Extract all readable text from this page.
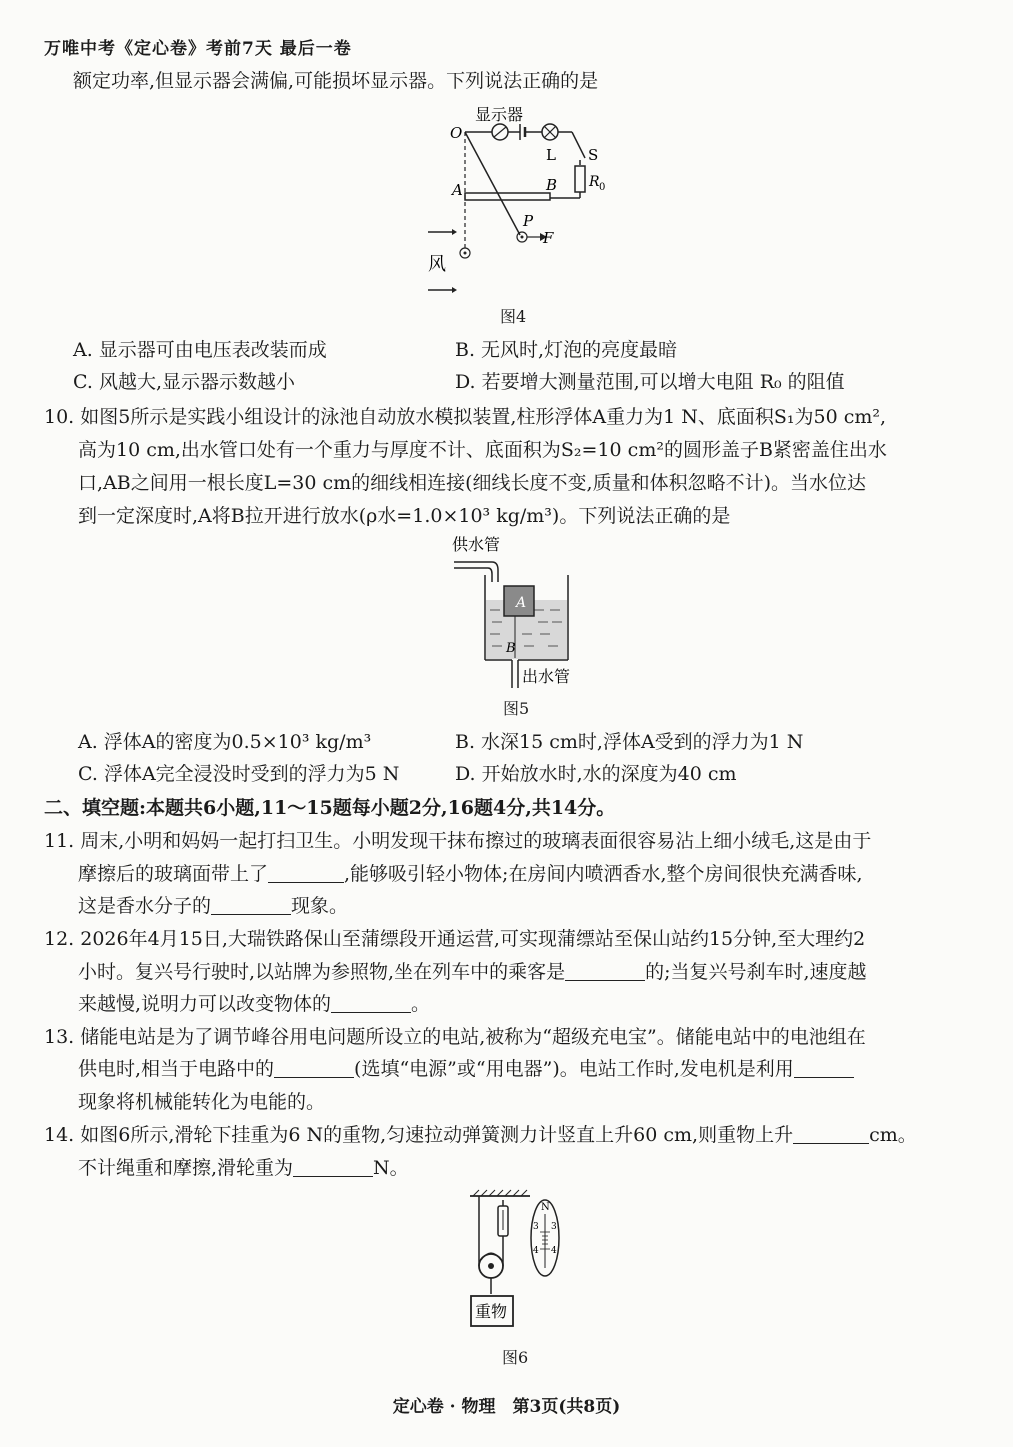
万唯中考《定心卷》考前7天 最后一卷
额定功率,但显示器会满偏,可能损坏显示器。下列说法正确的是
显示器
O
L S
R 0
A	B
P
F
风
图4
A. 显示器可由电压表改装而成	B. 无风时,灯泡的亮度最暗
C. 风越大,显示器示数越小	D. 若要增大测量范围,可以增大电阻 R₀ 的阻值
10. 如图5所示是实践小组设计的泳池自动放水模拟装置,柱形浮体A重力为1 N、底面积S₁为50 cm²,
高为10 cm,出水管口处有一个重力与厚度不计、底面积为S₂=10 cm²的圆形盖子B紧密盖住出水
口,AB之间用一根长度L=30 cm的细线相连接(细线长度不变,质量和体积忽略不计)。当水位达
到一定深度时,A将B拉开进行放水(ρ水=1.0×10³ kg/m³)。下列说法正确的是
供水管
A
B
出水管
图5
A. 浮体A的密度为0.5×10³ kg/m³	B. 水深15 cm时,浮体A受到的浮力为1 N
C. 浮体A完全浸没时受到的浮力为5 N	D. 开始放水时,水的深度为40 cm
二、填空题:本题共6小题,11～15题每小题2分,16题4分,共14分。
11. 周末,小明和妈妈一起打扫卫生。小明发现干抹布擦过的玻璃表面很容易沾上细小绒毛,这是由于
摩擦后的玻璃面带上了	,能够吸引轻小物体;在房间内喷洒香水,整个房间很快充满香味,
这是香水分子的	现象。
12. 2026年4月15日,大瑞铁路保山至蒲缥段开通运营,可实现蒲缥站至保山站约15分钟,至大理约2
小时。复兴号行驶时,以站牌为参照物,坐在列车中的乘客是	的;当复兴号刹车时,速度越
来越慢,说明力可以改变物体的	。
13. 储能电站是为了调节峰谷用电问题所设立的电站,被称为“超级充电宝”。储能电站中的电池组在
供电时,相当于电路中的	(选填“电源”或“用电器”)。电站工作时,发电机是利用
现象将机械能转化为电能的。
14. 如图6所示,滑轮下挂重为6 N的重物,匀速拉动弹簧测力计竖直上升60 cm,则重物上升	cm。
不计绳重和摩擦,滑轮重为	N。
N
3 3
4 4
重物
图6
定心卷 · 物理　第3页(共8页)
